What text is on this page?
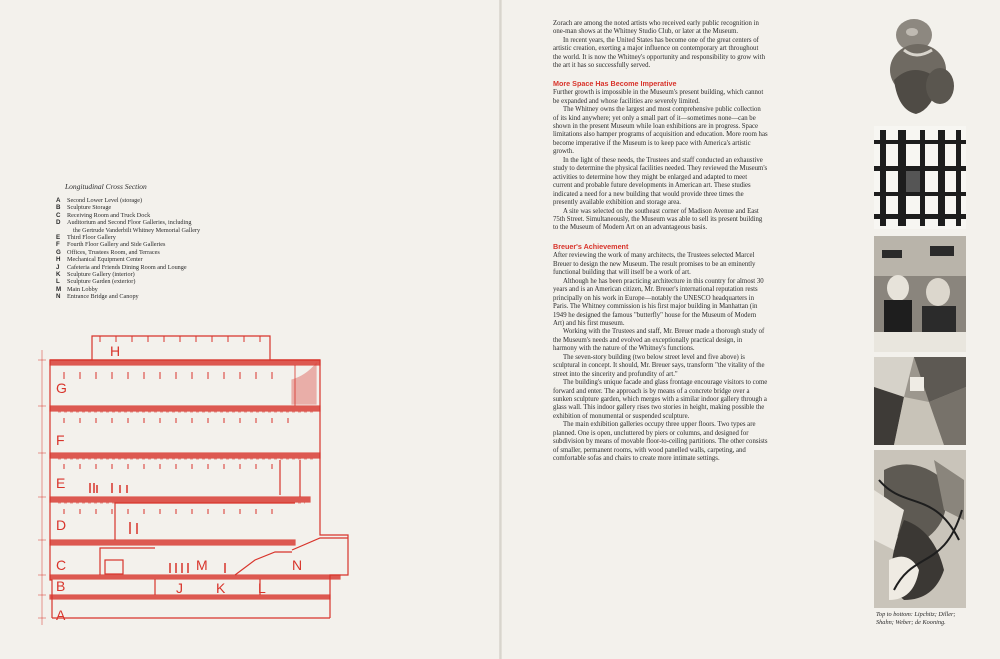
Longitudinal Cross Section
A	Second Lower Level (storage)
B	Sculpture Storage
C	Receiving Room and Truck Dock
D	Auditorium and Second Floor Galleries, including
the Gertrude Vanderbilt Whitney Memorial Gallery
E	Third Floor Gallery
F	Fourth Floor Gallery and Side Galleries
G Offices, Trustees Room, and Terraces
H	Mechanical Equipment Center
J	Cafeteria and Friends Dining Room and Lounge
K	Sculpture Gallery (interior)
L	Sculpture Garden (exterior)
M Main Lobby
N	Entrance Bridge and Canopy
H
G
F
E
D
C
B
A
J K L
M	N

Zorach are among the noted artists who received early public recognition in one-man shows at the Whitney Studio Club, or later at the Museum.

In recent years, the United States has become one of the great centers of artistic creation, exerting a major influence on contemporary art throughout the world. It is now the Whitney's opportunity and responsibility to grow with the art it has so successfully served.

More Space Has Become Imperative

Further growth is impossible in the Museum's present building, which cannot be expanded and whose facilities are severely limited.

The Whitney owns the largest and most comprehensive public collection of its kind anywhere; yet only a small part of it—sometimes none—can be shown in the present Museum while loan exhibitions are in progress. Space limitations also hamper programs of acquisition and education. More room has become imperative if the Museum is to keep pace with America's artistic growth.

In the light of these needs, the Trustees and staff conducted an exhaustive study to determine the physical facilities needed. They reviewed the Museum's activities to determine how they might be enlarged and adapted to meet current and probable future developments in American art. These studies indicated a need for a new building that would provide three times the presently available exhibition and storage area.

A site was selected on the southeast corner of Madison Avenue and East 75th Street. Simultaneously, the Museum was able to sell its present building to the Museum of Modern Art on an advantageous basis.

Breuer's Achievement

After reviewing the work of many architects, the Trustees selected Marcel Breuer to design the new Museum. The result promises to be an eminently functional building that will itself be a work of art.

Although he has been practicing architecture in this country for almost 30 years and is an American citizen, Mr. Breuer's international reputation rests principally on his work in Europe—notably the UNESCO headquarters in Paris. The Whitney commission is his first major building in Manhattan (in 1949 he designed the famous "butterfly" house for the Museum of Modern Art) and his first museum.

Working with the Trustees and staff, Mr. Breuer made a thorough study of the Museum's needs and evolved an exceptionally practical design, in harmony with the nature of the Whitney's functions.

The seven-story building (two below street level and five above) is sculptural in concept. It should, Mr. Breuer says, transform "the vitality of the street into the sincerity and profundity of art."

The building's unique facade and glass frontage encourage visitors to come forward and enter. The approach is by means of a concrete bridge over a sunken sculpture garden, which merges with a similar indoor gallery through a glass wall. This indoor gallery rises two stories in height, making possible the exhibition of monumental or suspended sculpture.

The main exhibition galleries occupy three upper floors. Two types are planned. One is open, uncluttered by piers or columns, and designed for subdivision by means of movable floor-to-ceiling partitions. The other consists of smaller, permanent rooms, with wood panelled walls, carpeting, and comfortable sofas and chairs to create more intimate settings.

Top to bottom: Lipchitz; Diller; Shahn; Weber; de Kooning.
